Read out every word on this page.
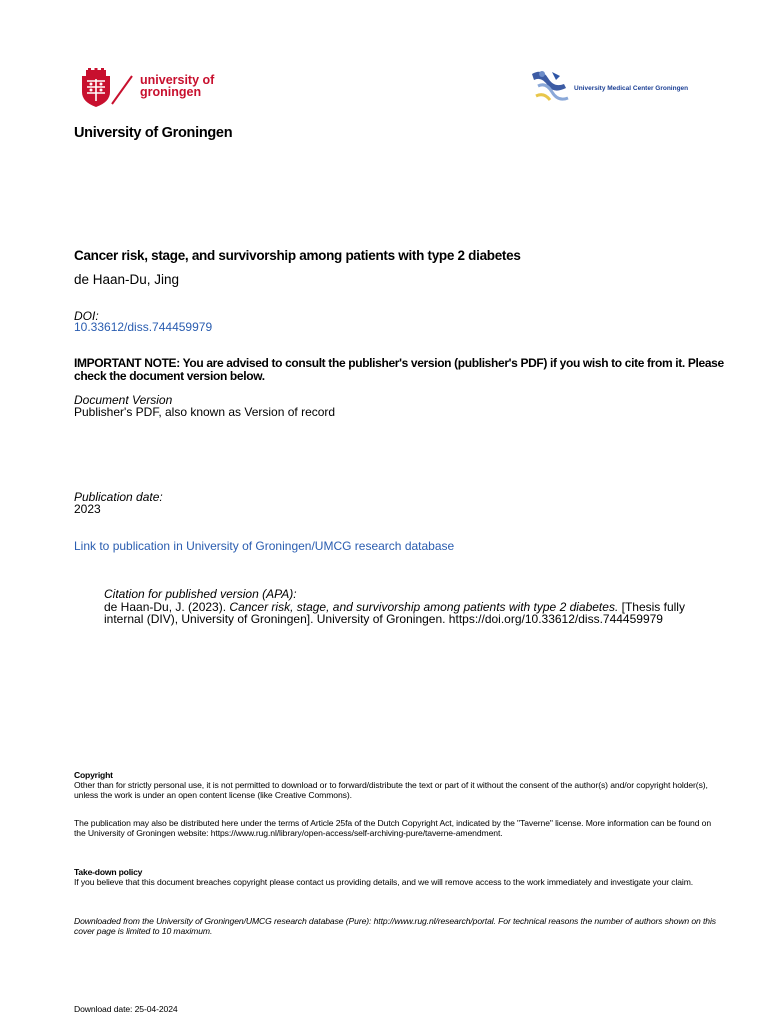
university of
groningen	University Medical Center Groningen
University of Groningen
Cancer risk, stage, and survivorship among patients with type 2 diabetes
de Haan-Du, Jing
DOI:
10.33612/diss.744459979
IMPORTANT NOTE: You are advised to consult the publisher's version (publisher's PDF) if you wish to cite from it. Please check the document version below.
Document Version
Publisher's PDF, also known as Version of record
Publication date:
2023
Link to publication in University of Groningen/UMCG research database
Citation for published version (APA):
de Haan-Du, J. (2023). Cancer risk, stage, and survivorship among patients with type 2 diabetes. [Thesis fully internal (DIV), University of Groningen]. University of Groningen. https://doi.org/10.33612/diss.744459979
Copyright
Other than for strictly personal use, it is not permitted to download or to forward/distribute the text or part of it without the consent of the author(s) and/or copyright holder(s), unless the work is under an open content license (like Creative Commons).
The publication may also be distributed here under the terms of Article 25fa of the Dutch Copyright Act, indicated by the "Taverne" license. More information can be found on the University of Groningen website: https://www.rug.nl/library/open-access/self-archiving-pure/taverne-amendment.
Take-down policy
If you believe that this document breaches copyright please contact us providing details, and we will remove access to the work immediately and investigate your claim.
Downloaded from the University of Groningen/UMCG research database (Pure): http://www.rug.nl/research/portal. For technical reasons the number of authors shown on this cover page is limited to 10 maximum.
Download date: 25-04-2024
